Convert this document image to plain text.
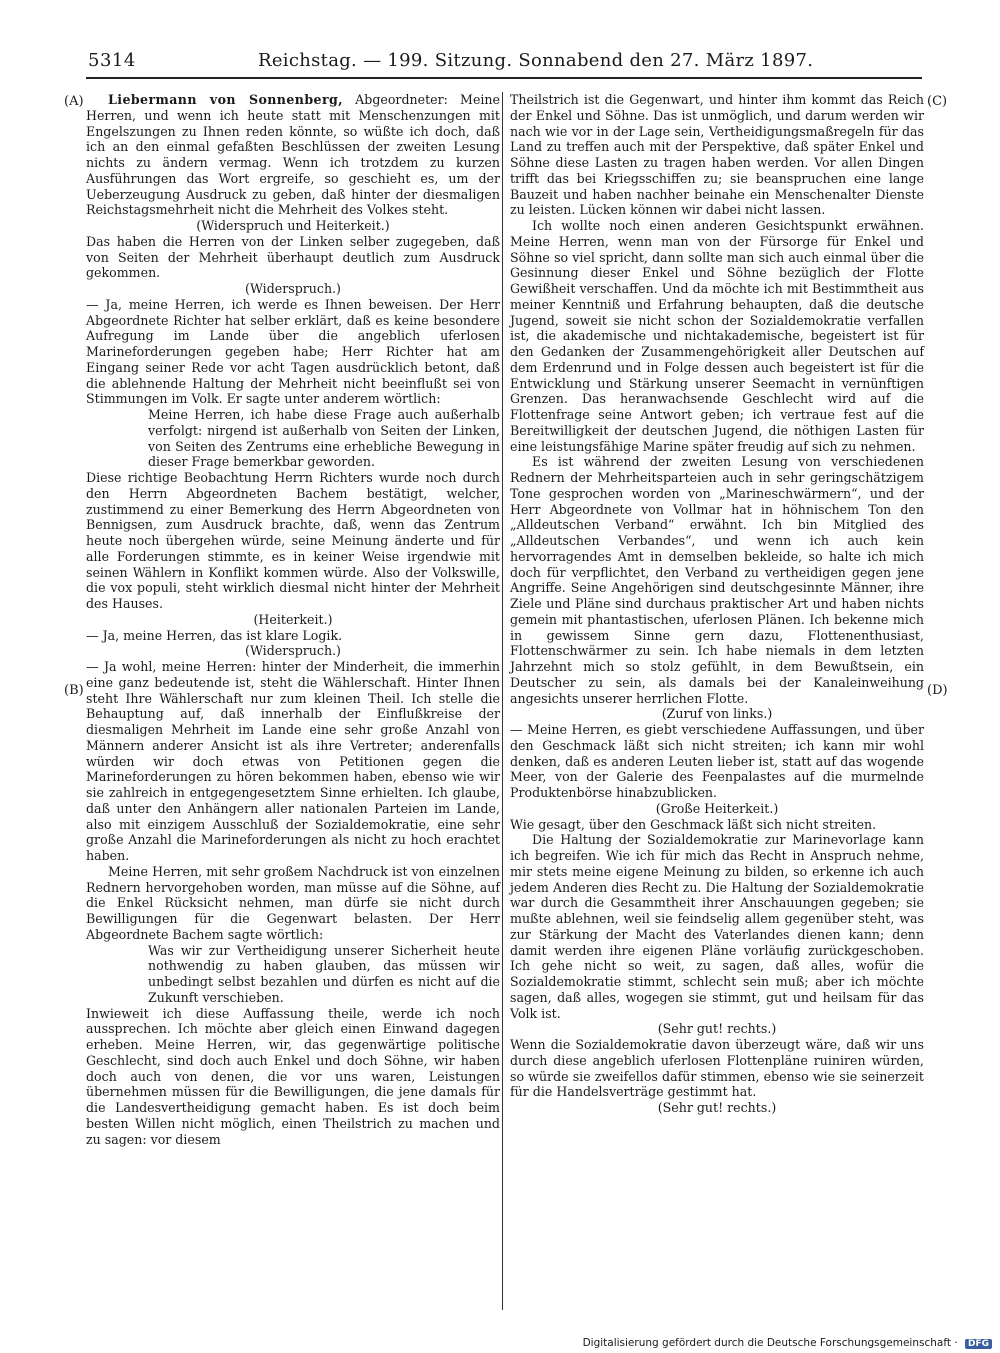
5314	Reichstag. — 199. Sitzung. Sonnabend den 27. März 1897.
(A)
(B)
(C)
(D)

Liebermann von Sonnenberg, Abgeordneter: Meine Herren, und wenn ich heute statt mit Menschenzungen mit Engelszungen zu Ihnen reden könnte, so wüßte ich doch, daß ich an den einmal gefaßten Beschlüssen der zweiten Lesung nichts zu ändern vermag. Wenn ich trotzdem zu kurzen Ausführungen das Wort ergreife, so geschieht es, um der Ueberzeugung Ausdruck zu geben, daß hinter der diesmaligen Reichstagsmehrheit nicht die Mehrheit des Volkes steht.

(Widerspruch und Heiterkeit.)

Das haben die Herren von der Linken selber zugegeben, daß von Seiten der Mehrheit überhaupt deutlich zum Ausdruck gekommen.

(Widerspruch.)

— Ja, meine Herren, ich werde es Ihnen beweisen. Der Herr Abgeordnete Richter hat selber erklärt, daß es keine besondere Aufregung im Lande über die angeblich uferlosen Marineforderungen gegeben habe; Herr Richter hat am Eingang seiner Rede vor acht Tagen ausdrücklich betont, daß die ablehnende Haltung der Mehrheit nicht beeinflußt sei von Stimmungen im Volk. Er sagte unter anderem wörtlich:

Meine Herren, ich habe diese Frage auch außerhalb verfolgt: nirgend ist außerhalb von Seiten der Linken, von Seiten des Zentrums eine erhebliche Bewegung in dieser Frage bemerkbar geworden.

Diese richtige Beobachtung Herrn Richters wurde noch durch den Herrn Abgeordneten Bachem bestätigt, welcher, zustimmend zu einer Bemerkung des Herrn Abgeordneten von Bennigsen, zum Ausdruck brachte, daß, wenn das Zentrum heute noch übergehen würde, seine Meinung änderte und für alle Forderungen stimmte, es in keiner Weise irgendwie mit seinen Wählern in Konflikt kommen würde. Also der Volkswille, die vox populi, steht wirklich diesmal nicht hinter der Mehrheit des Hauses.

(Heiterkeit.)

— Ja, meine Herren, das ist klare Logik.

(Widerspruch.)

— Ja wohl, meine Herren: hinter der Minderheit, die immerhin eine ganz bedeutende ist, steht die Wählerschaft. Hinter Ihnen steht Ihre Wählerschaft nur zum kleinen Theil. Ich stelle die Behauptung auf, daß innerhalb der Einflußkreise der diesmaligen Mehrheit im Lande eine sehr große Anzahl von Männern anderer Ansicht ist als ihre Vertreter; anderenfalls würden wir doch etwas von Petitionen gegen die Marineforderungen zu hören bekommen haben, ebenso wie wir sie zahlreich in entgegengesetztem Sinne erhielten. Ich glaube, daß unter den Anhängern aller nationalen Parteien im Lande, also mit einzigem Ausschluß der Sozialdemokratie, eine sehr große Anzahl die Marineforderungen als nicht zu hoch erachtet haben.

Meine Herren, mit sehr großem Nachdruck ist von einzelnen Rednern hervorgehoben worden, man müsse auf die Söhne, auf die Enkel Rücksicht nehmen, man dürfe sie nicht durch Bewilligungen für die Gegenwart belasten. Der Herr Abgeordnete Bachem sagte wörtlich:

Was wir zur Vertheidigung unserer Sicherheit heute nothwendig zu haben glauben, das müssen wir unbedingt selbst bezahlen und dürfen es nicht auf die Zukunft verschieben.

Inwieweit ich diese Auffassung theile, werde ich noch aussprechen. Ich möchte aber gleich einen Einwand dagegen erheben. Meine Herren, wir, das gegenwärtige politische Geschlecht, sind doch auch Enkel und doch Söhne, wir haben doch auch von denen, die vor uns waren, Leistungen übernehmen müssen für die Bewilligungen, die jene damals für die Landesvertheidigung gemacht haben. Es ist doch beim besten Willen nicht möglich, einen Theilstrich zu machen und zu sagen: vor diesem

Theilstrich ist die Gegenwart, und hinter ihm kommt das Reich der Enkel und Söhne. Das ist unmöglich, und darum werden wir nach wie vor in der Lage sein, Vertheidigungsmaßregeln für das Land zu treffen auch mit der Perspektive, daß später Enkel und Söhne diese Lasten zu tragen haben werden. Vor allen Dingen trifft das bei Kriegsschiffen zu; sie beanspruchen eine lange Bauzeit und haben nachher beinahe ein Menschenalter Dienste zu leisten. Lücken können wir dabei nicht lassen.

Ich wollte noch einen anderen Gesichtspunkt erwähnen. Meine Herren, wenn man von der Fürsorge für Enkel und Söhne so viel spricht, dann sollte man sich auch einmal über die Gesinnung dieser Enkel und Söhne bezüglich der Flotte Gewißheit verschaffen. Und da möchte ich mit Bestimmtheit aus meiner Kenntniß und Erfahrung behaupten, daß die deutsche Jugend, soweit sie nicht schon der Sozialdemokratie verfallen ist, die akademische und nichtakademische, begeistert ist für den Gedanken der Zusammengehörigkeit aller Deutschen auf dem Erdenrund und in Folge dessen auch begeistert ist für die Entwicklung und Stärkung unserer Seemacht in vernünftigen Grenzen. Das heranwachsende Geschlecht wird auf die Flottenfrage seine Antwort geben; ich vertraue fest auf die Bereitwilligkeit der deutschen Jugend, die nöthigen Lasten für eine leistungsfähige Marine später freudig auf sich zu nehmen.

Es ist während der zweiten Lesung von verschiedenen Rednern der Mehrheitsparteien auch in sehr geringschätzigem Tone gesprochen worden von „Marineschwärmern“, und der Herr Abgeordnete von Vollmar hat in höhnischem Ton den „Alldeutschen Verband“ erwähnt. Ich bin Mitglied des „Alldeutschen Verbandes“, und wenn ich auch kein hervorragendes Amt in demselben bekleide, so halte ich mich doch für verpflichtet, den Verband zu vertheidigen gegen jene Angriffe. Seine Angehörigen sind deutschgesinnte Männer, ihre Ziele und Pläne sind durchaus praktischer Art und haben nichts gemein mit phantastischen, uferlosen Plänen. Ich bekenne mich in gewissem Sinne gern dazu, Flottenenthusiast, Flottenschwärmer zu sein. Ich habe niemals in dem letzten Jahrzehnt mich so stolz gefühlt, in dem Bewußtsein, ein Deutscher zu sein, als damals bei der Kanaleinweihung angesichts unserer herrlichen Flotte.

(Zuruf von links.)

— Meine Herren, es giebt verschiedene Auffassungen, und über den Geschmack läßt sich nicht streiten; ich kann mir wohl denken, daß es anderen Leuten lieber ist, statt auf das wogende Meer, von der Galerie des Feenpalastes auf die murmelnde Produktenbörse hinabzublicken.

(Große Heiterkeit.)

Wie gesagt, über den Geschmack läßt sich nicht streiten.

Die Haltung der Sozialdemokratie zur Marinevorlage kann ich begreifen. Wie ich für mich das Recht in Anspruch nehme, mir stets meine eigene Meinung zu bilden, so erkenne ich auch jedem Anderen dies Recht zu. Die Haltung der Sozialdemokratie war durch die Gesammtheit ihrer Anschauungen gegeben; sie mußte ablehnen, weil sie feindselig allem gegenüber steht, was zur Stärkung der Macht des Vaterlandes dienen kann; denn damit werden ihre eigenen Pläne vorläufig zurückgeschoben. Ich gehe nicht so weit, zu sagen, daß alles, wofür die Sozialdemokratie stimmt, schlecht sein muß; aber ich möchte sagen, daß alles, wogegen sie stimmt, gut und heilsam für das Volk ist.

(Sehr gut! rechts.)

Wenn die Sozialdemokratie davon überzeugt wäre, daß wir uns durch diese angeblich uferlosen Flottenpläne ruiniren würden, so würde sie zweifellos dafür stimmen, ebenso wie sie seinerzeit für die Handelsverträge gestimmt hat.

(Sehr gut! rechts.)

Digitalisierung gefördert durch die Deutsche Forschungsgemeinschaft · DFG
